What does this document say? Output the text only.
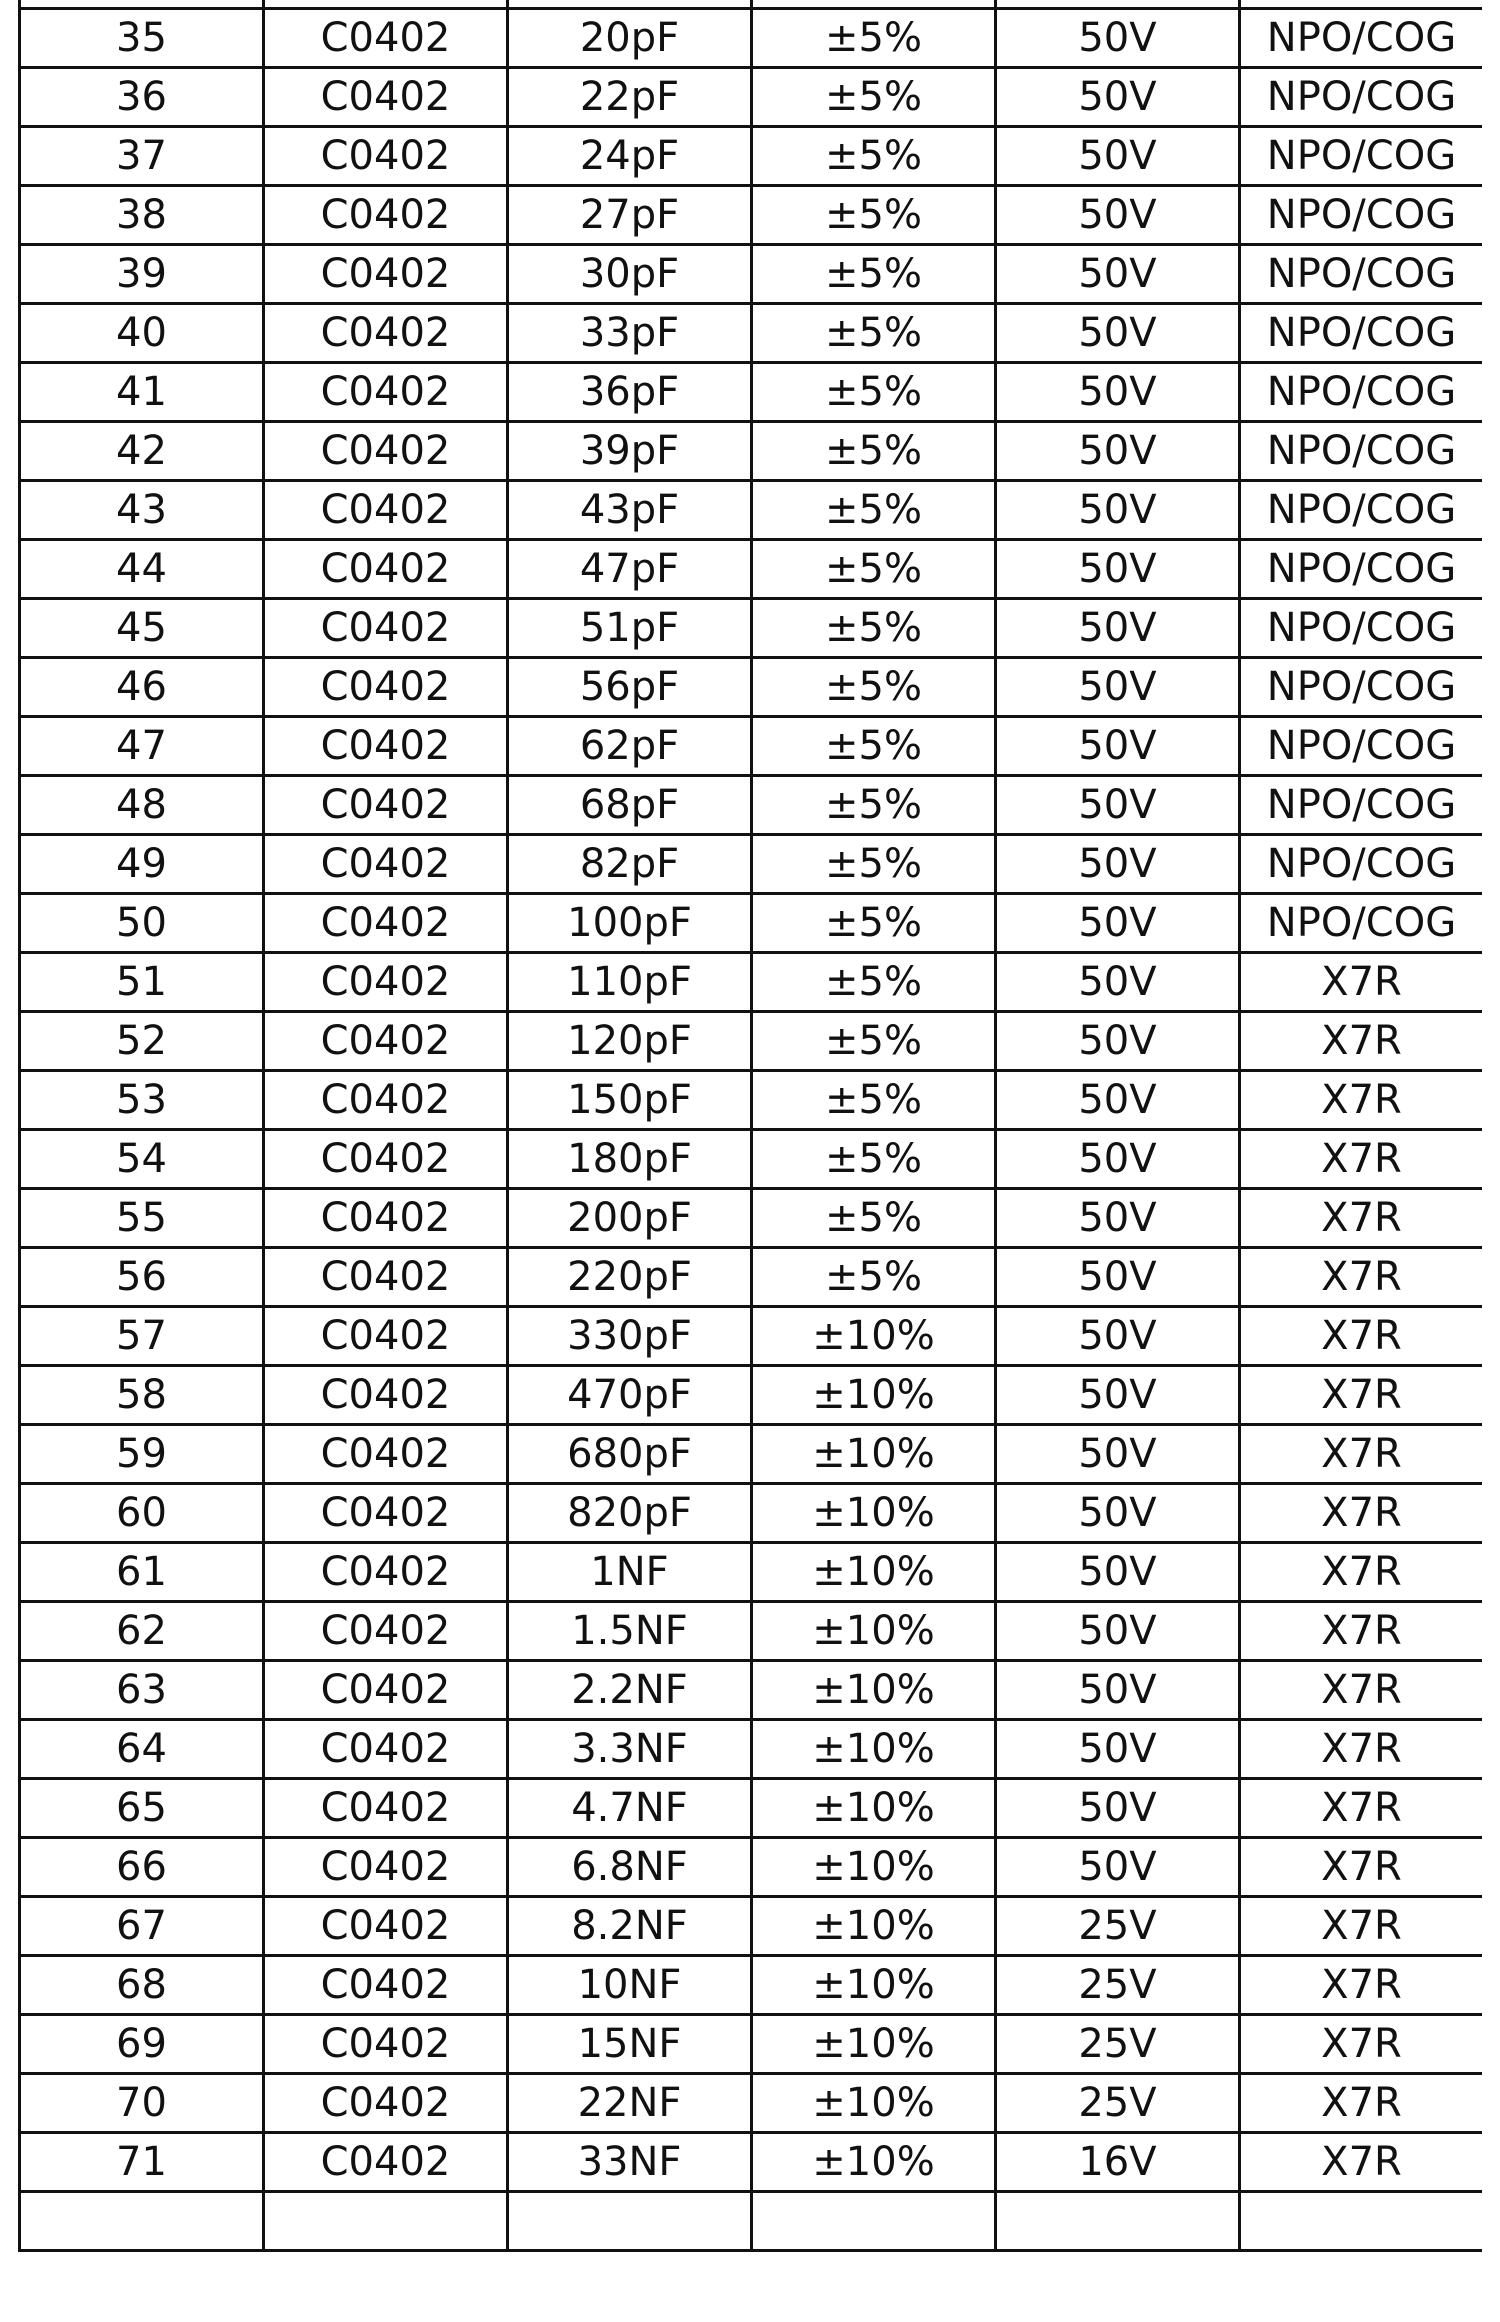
35	C0402	20pF	±5%	50V	NPO/COG
36	C0402	22pF	±5%	50V	NPO/COG
37	C0402	24pF	±5%	50V	NPO/COG
38	C0402	27pF	±5%	50V	NPO/COG
39	C0402	30pF	±5%	50V	NPO/COG
40	C0402	33pF	±5%	50V	NPO/COG
41	C0402	36pF	±5%	50V	NPO/COG
42	C0402	39pF	±5%	50V	NPO/COG
43	C0402	43pF	±5%	50V	NPO/COG
44	C0402	47pF	±5%	50V	NPO/COG
45	C0402	51pF	±5%	50V	NPO/COG
46	C0402	56pF	±5%	50V	NPO/COG
47	C0402	62pF	±5%	50V	NPO/COG
48	C0402	68pF	±5%	50V	NPO/COG
49	C0402	82pF	±5%	50V	NPO/COG
50	C0402	100pF	±5%	50V	NPO/COG
51	C0402	110pF	±5%	50V	X7R
52	C0402	120pF	±5%	50V	X7R
53	C0402	150pF	±5%	50V	X7R
54	C0402	180pF	±5%	50V	X7R
55	C0402	200pF	±5%	50V	X7R
56	C0402	220pF	±5%	50V	X7R
57	C0402	330pF	±10%	50V	X7R
58	C0402	470pF	±10%	50V	X7R
59	C0402	680pF	±10%	50V	X7R
60	C0402	820pF	±10%	50V	X7R
61	C0402	1NF	±10%	50V	X7R
62	C0402	1.5NF	±10%	50V	X7R
63	C0402	2.2NF	±10%	50V	X7R
64	C0402	3.3NF	±10%	50V	X7R
65	C0402	4.7NF	±10%	50V	X7R
66	C0402	6.8NF	±10%	50V	X7R
67	C0402	8.2NF	±10%	25V	X7R
68	C0402	10NF	±10%	25V	X7R
69	C0402	15NF	±10%	25V	X7R
70	C0402	22NF	±10%	25V	X7R
71	C0402	33NF	±10%	16V	X7R
